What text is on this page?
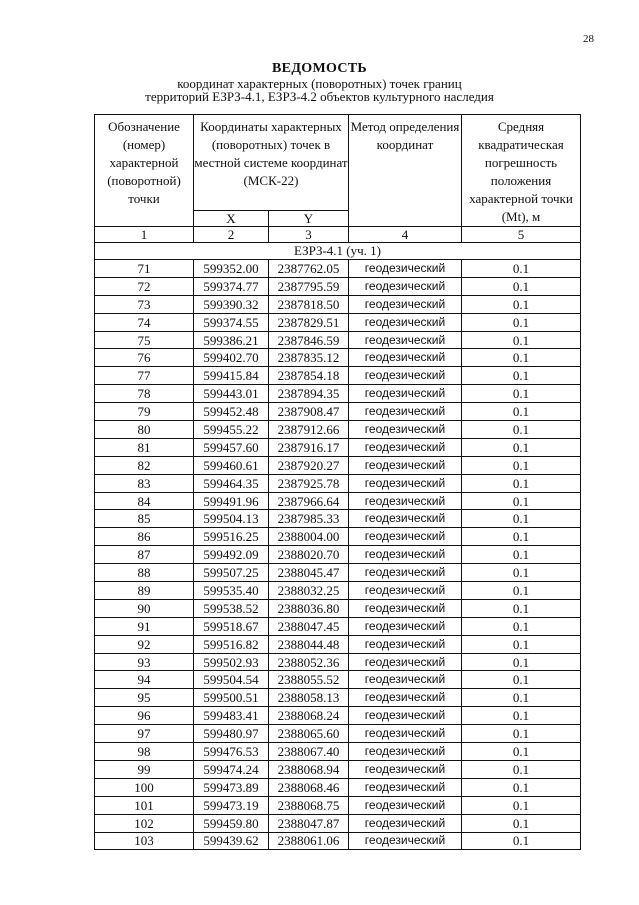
28
ВЕДОМОСТЬ
координат характерных (поворотных) точек границ
территорий ЕЗРЗ-4.1, ЕЗРЗ-4.2 объектов культурного наследия
Обозначение (номер) характерной (поворотной) точки	Координаты характерных (поворотных) точек в местной системе координат (МСК-22)		Метод определения координат	Средняя квадратическая погрешность положения характерной точки (Mt), м
	X	Y		
1	2	3	4	5
ЕЗРЗ-4.1 (уч. 1)				
71	599352.00	2387762.05	геодезический	0.1
72	599374.77	2387795.59	геодезический	0.1
73	599390.32	2387818.50	геодезический	0.1
74	599374.55	2387829.51	геодезический	0.1
75	599386.21	2387846.59	геодезический	0.1
76	599402.70	2387835.12	геодезический	0.1
77	599415.84	2387854.18	геодезический	0.1
78	599443.01	2387894.35	геодезический	0.1
79	599452.48	2387908.47	геодезический	0.1
80	599455.22	2387912.66	геодезический	0.1
81	599457.60	2387916.17	геодезический	0.1
82	599460.61	2387920.27	геодезический	0.1
83	599464.35	2387925.78	геодезический	0.1
84	599491.96	2387966.64	геодезический	0.1
85	599504.13	2387985.33	геодезический	0.1
86	599516.25	2388004.00	геодезический	0.1
87	599492.09	2388020.70	геодезический	0.1
88	599507.25	2388045.47	геодезический	0.1
89	599535.40	2388032.25	геодезический	0.1
90	599538.52	2388036.80	геодезический	0.1
91	599518.67	2388047.45	геодезический	0.1
92	599516.82	2388044.48	геодезический	0.1
93	599502.93	2388052.36	геодезический	0.1
94	599504.54	2388055.52	геодезический	0.1
95	599500.51	2388058.13	геодезический	0.1
96	599483.41	2388068.24	геодезический	0.1
97	599480.97	2388065.60	геодезический	0.1
98	599476.53	2388067.40	геодезический	0.1
99	599474.24	2388068.94	геодезический	0.1
100	599473.89	2388068.46	геодезический	0.1
101	599473.19	2388068.75	геодезический	0.1
102	599459.80	2388047.87	геодезический	0.1
103	599439.62	2388061.06	геодезический	0.1
